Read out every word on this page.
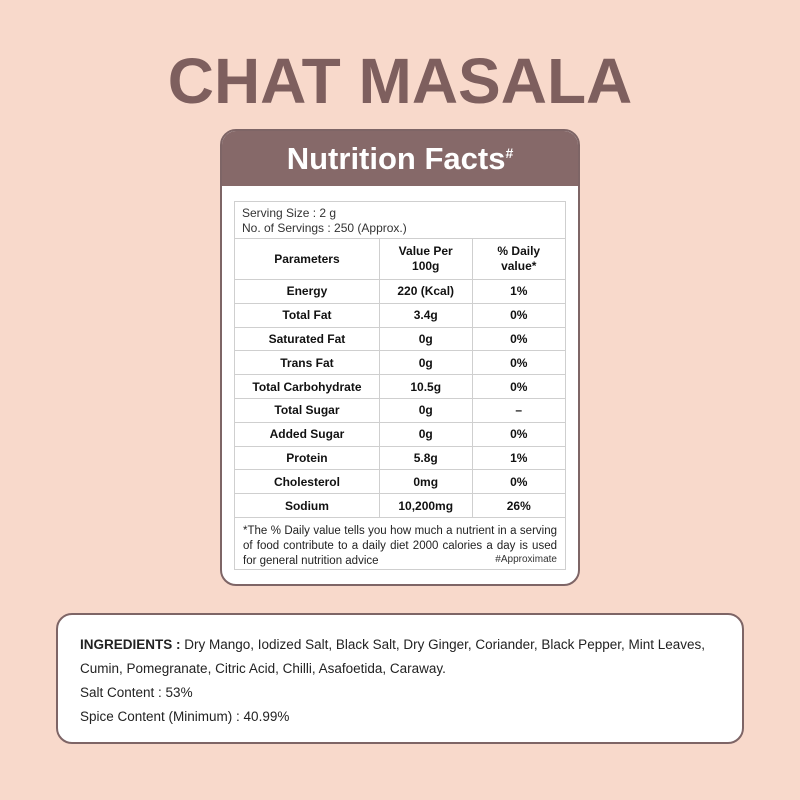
CHAT MASALA
Nutrition Facts#
Serving Size : 2 g
No. of Servings : 250 (Approx.)
Parameters	Value Per 100g	% Daily value*
Energy	220 (Kcal)	1%
Total Fat	3.4g	0%
Saturated Fat	0g	0%
Trans Fat	0g	0%
Total Carbohydrate	10.5g	0%
Total Sugar	0g	–
Added Sugar	0g	0%
Protein	5.8g	1%
Cholesterol	0mg	0%
Sodium	10,200mg	26%
*The % Daily value tells you how much a nutrient in a serving of food contribute to a daily diet 2000 calories a day is used for general nutrition advice	#Approximate
INGREDIENTS : Dry Mango, Iodized Salt, Black Salt, Dry Ginger, Coriander, Black Pepper, Mint Leaves, Cumin, Pomegranate, Citric Acid, Chilli, Asafoetida, Caraway.
Salt Content : 53%
Spice Content (Minimum) : 40.99%
